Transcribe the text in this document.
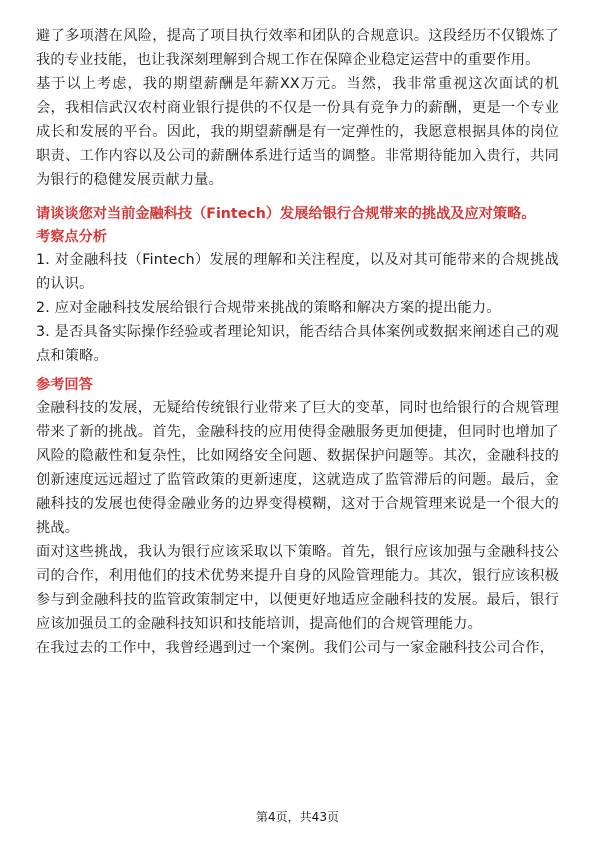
避了多项潜在风险，提高了项目执行效率和团队的合规意识。这段经历不仅锻炼了我的专业技能，也让我深刻理解到合规工作在保障企业稳定运营中的重要作用。

基于以上考虑，我的期望薪酬是年薪XX万元。当然，我非常重视这次面试的机会，我相信武汉农村商业银行提供的不仅是一份具有竞争力的薪酬，更是一个专业成长和发展的平台。因此，我的期望薪酬是有一定弹性的，我愿意根据具体的岗位职责、工作内容以及公司的薪酬体系进行适当的调整。非常期待能加入贵行，共同为银行的稳健发展贡献力量。

请谈谈您对当前金融科技（Fintech）发展给银行合规带来的挑战及应对策略。

考察点分析

1. 对金融科技（Fintech）发展的理解和关注程度，以及对其可能带来的合规挑战的认识。

2. 应对金融科技发展给银行合规带来挑战的策略和解决方案的提出能力。

3. 是否具备实际操作经验或者理论知识，能否结合具体案例或数据来阐述自己的观点和策略。

参考回答

金融科技的发展，无疑给传统银行业带来了巨大的变革，同时也给银行的合规管理带来了新的挑战。首先，金融科技的应用使得金融服务更加便捷，但同时也增加了风险的隐蔽性和复杂性，比如网络安全问题、数据保护问题等。其次，金融科技的创新速度远远超过了监管政策的更新速度，这就造成了监管滞后的问题。最后，金融科技的发展也使得金融业务的边界变得模糊，这对于合规管理来说是一个很大的挑战。

面对这些挑战，我认为银行应该采取以下策略。首先，银行应该加强与金融科技公司的合作，利用他们的技术优势来提升自身的风险管理能力。其次，银行应该积极参与到金融科技的监管政策制定中，以便更好地适应金融科技的发展。最后，银行应该加强员工的金融科技知识和技能培训，提高他们的合规管理能力。

在我过去的工作中，我曾经遇到过一个案例。我们公司与一家金融科技公司合作，

第4页，共43页
